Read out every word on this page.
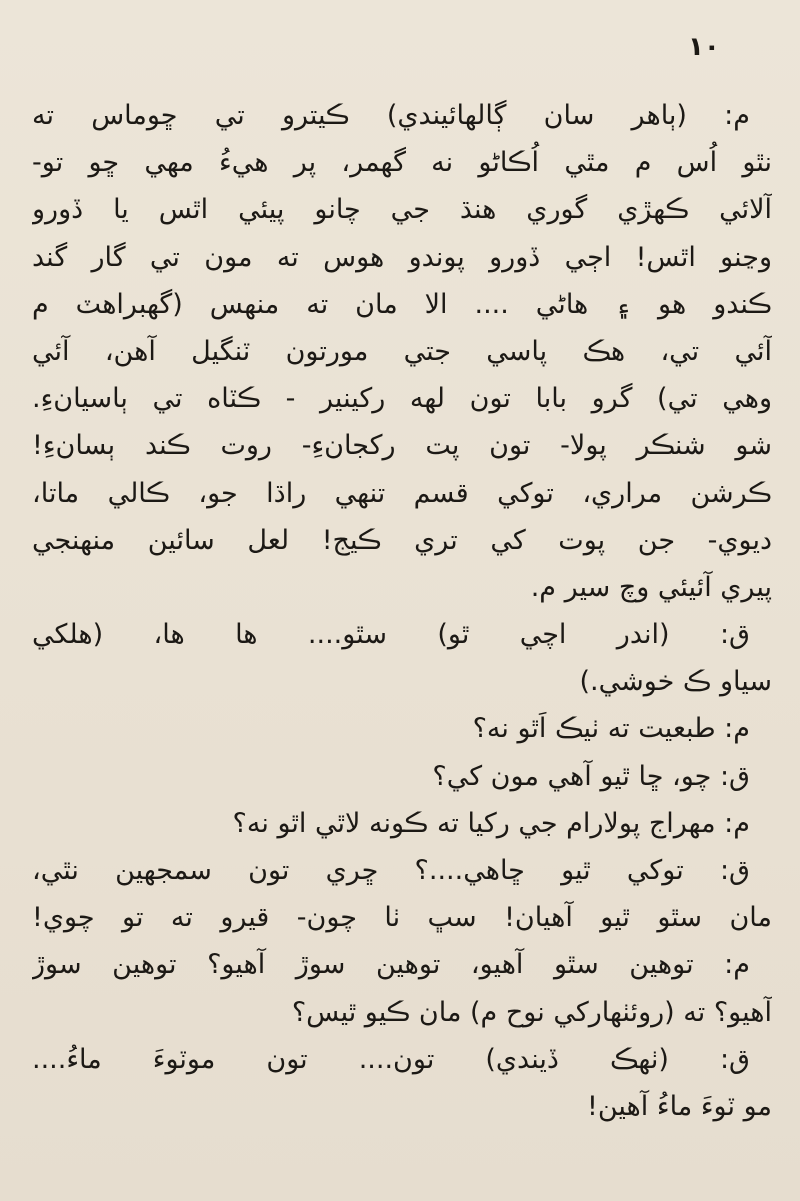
١٠
م: (ٻاهر سان ڳالهائيندي) ڪيترو تي ڇوماس ته
نٿو اُس م مٿي اُڪاڻو نه گهمر، پر هيءُ مهي ڇو تو-
آلائي ڪهڙي گوري هنڌ جي چانو پيئي اٿس يا ڏورو
وڃنو اٿس! اڄي ڏورو پوندو هوس ته مون تي گار گند
ڪندو هو ۽ هاڻي .... الا مان ته منهس (گهبراهٽ م
آئي تي، هڪ پاسي جتي مورتون ٽنگيل آهن، آئي
وهي تي) گرو بابا تون لهه رکينير - ڪٽاه تي ٻاسيانءِ.
شو شنڪر پولا- تون پت رکجانءِ- روت ڪند ٻسانءِ!
ڪرشن مراري، توکي قسم تنهي راڌا جو، ڪالي ماتا،
ديوي- جن پوت کي تري ڪيج! لعل سائين منهنجي
پيري آئيئي وچ سير م.
ق: (اندر اچي ٿو) سٿو.... ها ها، (هلکي
سياو ڪ خوشي.)
م: طبعيت ته ٺيڪ اَٿو نه؟
ق: چو، ڇا ٿيو آهي مون کي؟
م: مهراج پولارام جي رکيا ته ڪونه لاٿي اٿو نه؟
ق: توکي ٿيو ڇاهي....؟ ڇري تون سمجهين نٿي،
مان سٿو ٿيو آهيان! سڀ ٺا چون- قيرو ته تو چوي!
م: توهين سٿو آهيو، توهين سوڙ آهيو؟ توهين سوڙ
آهيو؟ ته (روئٺهارکي نوح م) مان ڪيو ٿيس؟
ق: (ٺهڪ ڏيندي) تون.... تون موٽوءَ ماءُ....
مو ٽوءَ ماءُ آهين!
